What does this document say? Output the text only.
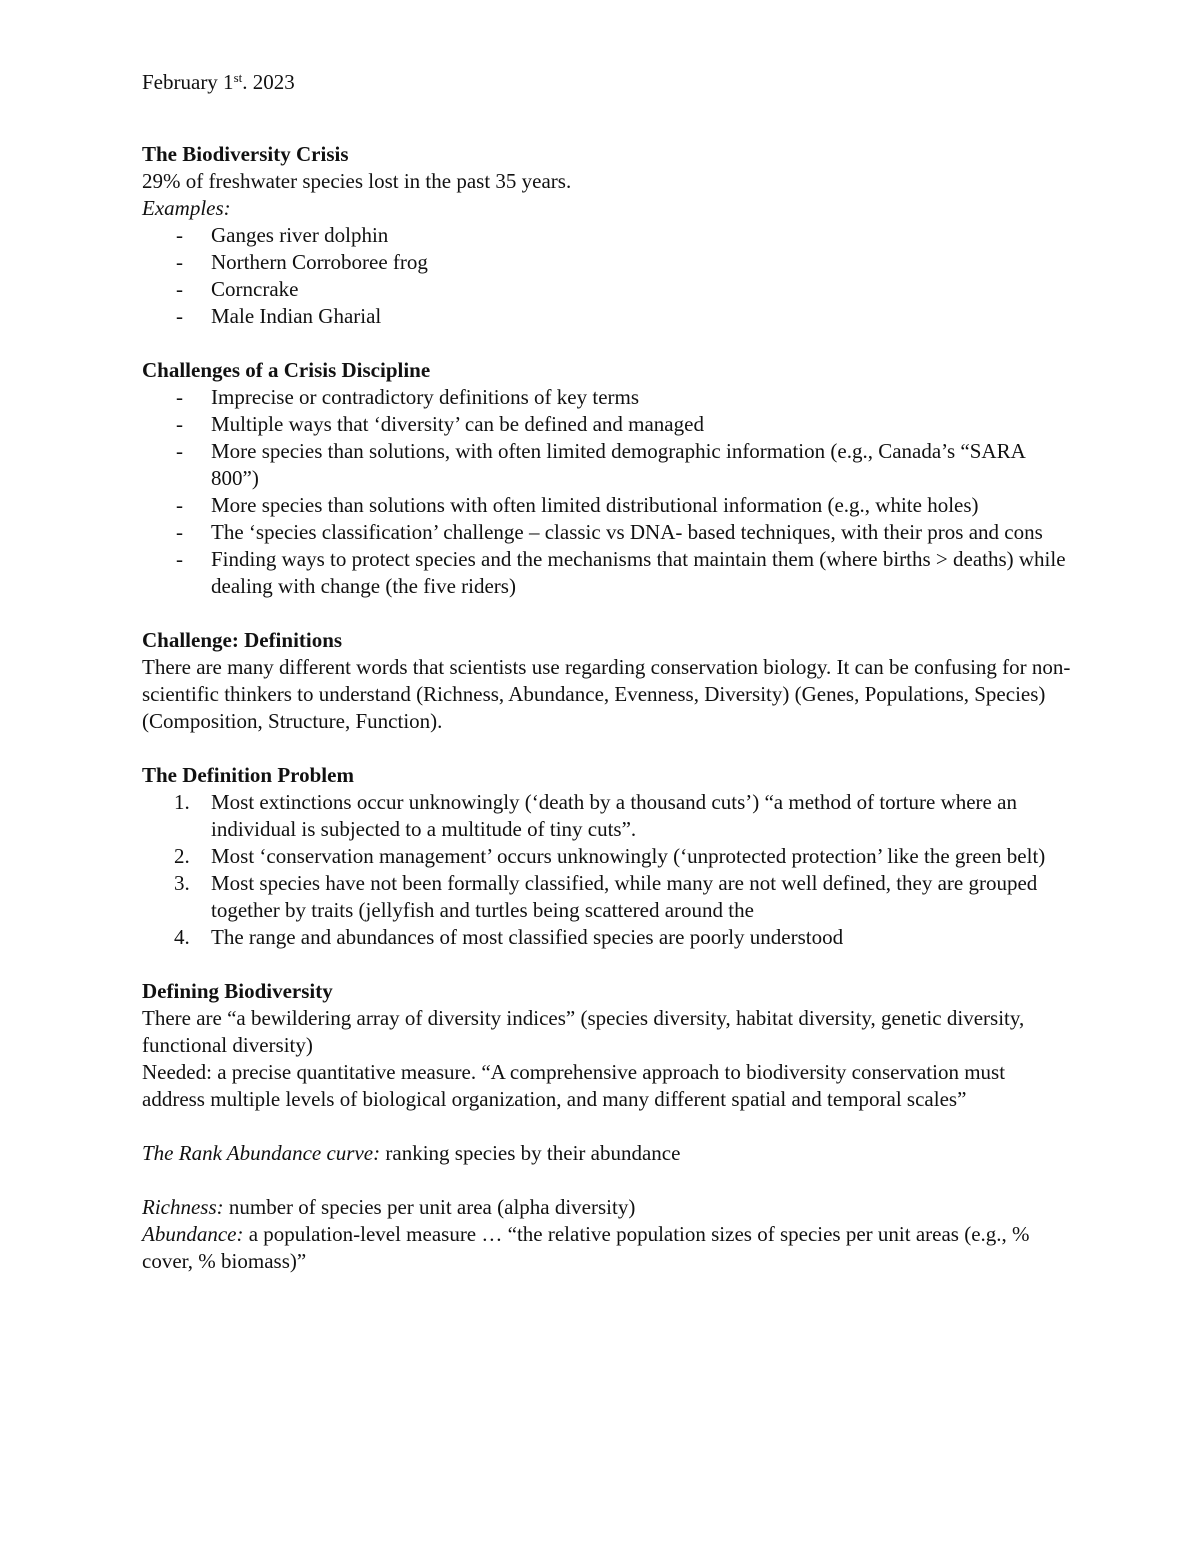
February 1st. 2023

The Biodiversity Crisis

29% of freshwater species lost in the past 35 years.

Examples:

- Ganges river dolphin
- Northern Corroboree frog
- Corncrake
- Male Indian Gharial

Challenges of a Crisis Discipline

- Imprecise or contradictory definitions of key terms
- Multiple ways that ‘diversity’ can be defined and managed
- More species than solutions, with often limited demographic information (e.g., Canada’s “SARA 800”)
- More species than solutions with often limited distributional information (e.g., white holes)
- The ‘species classification’ challenge – classic vs DNA- based techniques, with their pros and cons
- Finding ways to protect species and the mechanisms that maintain them (where births > deaths) while dealing with change (the five riders)

Challenge: Definitions

There are many different words that scientists use regarding conservation biology. It can be confusing for non-scientific thinkers to understand (Richness, Abundance, Evenness, Diversity) (Genes, Populations, Species) (Composition, Structure, Function).

The Definition Problem

1. Most extinctions occur unknowingly (‘death by a thousand cuts’) “a method of torture where an individual is subjected to a multitude of tiny cuts”.
2. Most ‘conservation management’ occurs unknowingly (‘unprotected protection’ like the green belt)
3. Most species have not been formally classified, while many are not well defined, they are grouped together by traits (jellyfish and turtles being scattered around the
4. The range and abundances of most classified species are poorly understood

Defining Biodiversity

There are “a bewildering array of diversity indices” (species diversity, habitat diversity, genetic diversity, functional diversity)

Needed: a precise quantitative measure. “A comprehensive approach to biodiversity conservation must address multiple levels of biological organization, and many different spatial and temporal scales”

The Rank Abundance curve: ranking species by their abundance

Richness: number of species per unit area (alpha diversity)

Abundance: a population-level measure … “the relative population sizes of species per unit areas (e.g., % cover, % biomass)”
